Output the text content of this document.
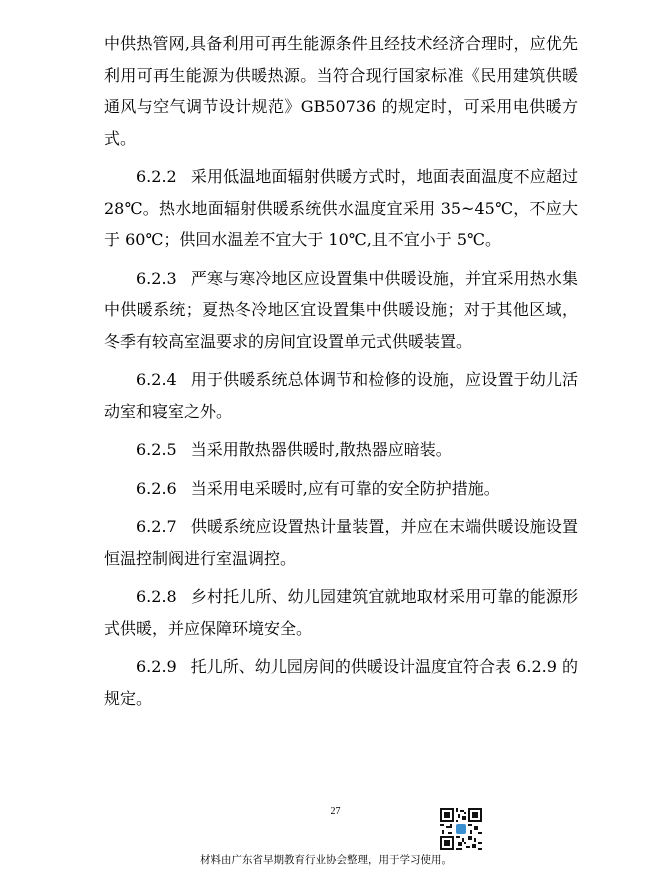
中供热管网,具备利用可再生能源条件且经技术经济合理时，应优先利用可再生能源为供暖热源。当符合现行国家标准《民用建筑供暖通风与空气调节设计规范》GB50736 的规定时，可采用电供暖方式。

6.2.2 采用低温地面辐射供暖方式时，地面表面温度不应超过 28℃。热水地面辐射供暖系统供水温度宜采用 35~45℃，不应大于 60℃；供回水温差不宜大于 10℃,且不宜小于 5℃。

6.2.3 严寒与寒冷地区应设置集中供暖设施，并宜采用热水集中供暖系统；夏热冬冷地区宜设置集中供暖设施；对于其他区域，冬季有较高室温要求的房间宜设置单元式供暖装置。

6.2.4 用于供暖系统总体调节和检修的设施，应设置于幼儿活动室和寝室之外。

6.2.5 当采用散热器供暖时,散热器应暗装。

6.2.6 当采用电采暖时,应有可靠的安全防护措施。

6.2.7 供暖系统应设置热计量装置，并应在末端供暖设施设置恒温控制阀进行室温调控。

6.2.8 乡村托儿所、幼儿园建筑宜就地取材采用可靠的能源形式供暖，并应保障环境安全。

6.2.9 托儿所、幼儿园房间的供暖设计温度宜符合表 6.2.9 的规定。

27
材料由广东省早期教育行业协会整理，用于学习使用。
